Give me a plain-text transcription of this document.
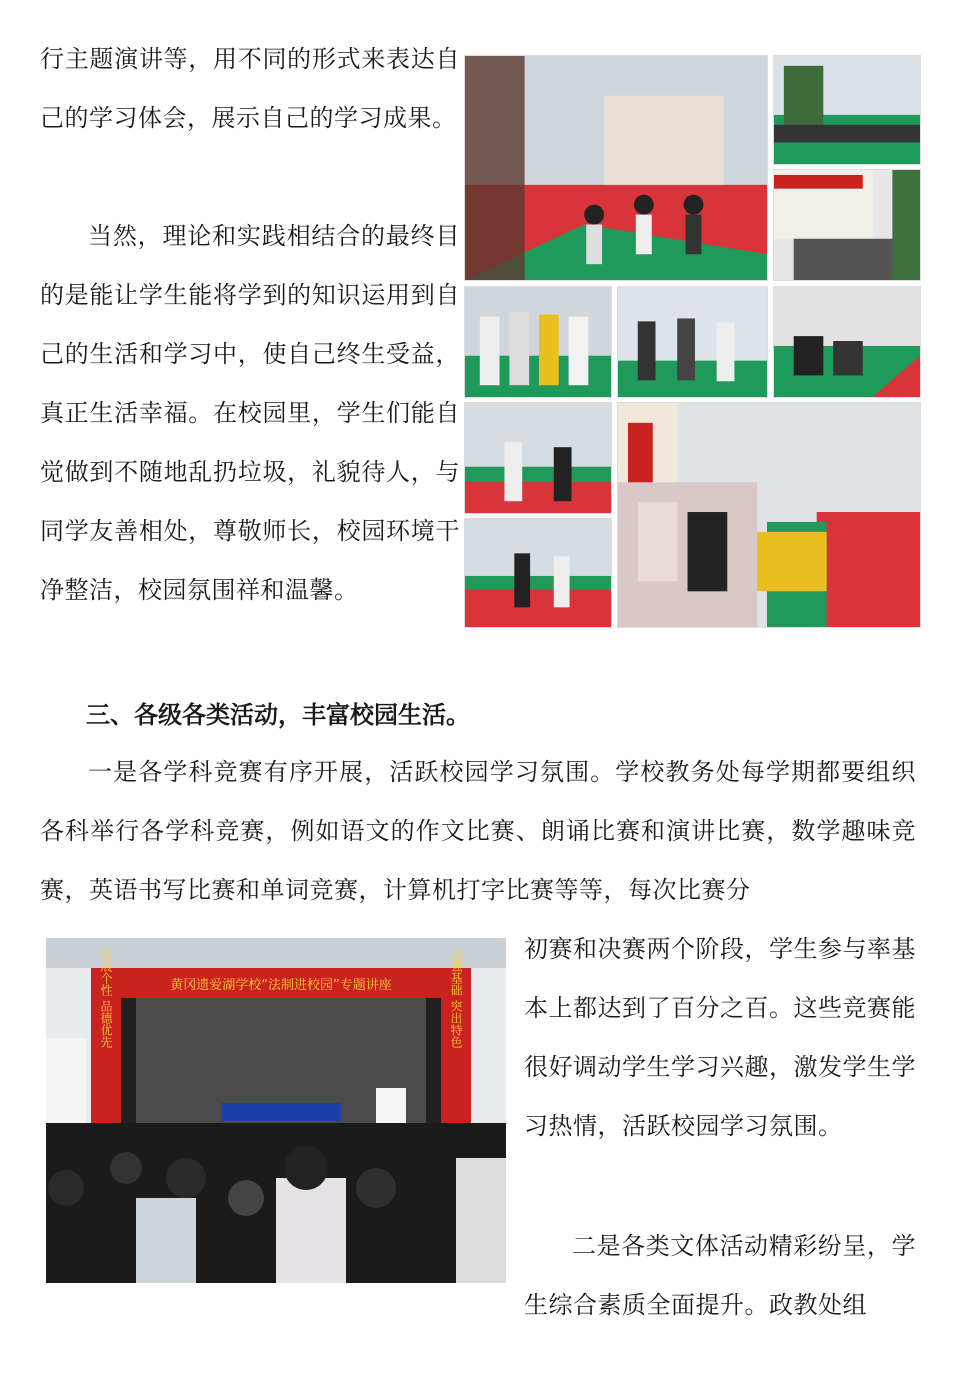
行主题演讲等，用不同的形式来表达自己的学习体会，展示自己的学习成果。

当然，理论和实践相结合的最终目的是能让学生能将学到的知识运用到自己的生活和学习中，使自己终生受益，真正生活幸福。在校园里，学生们能自觉做到不随地乱扔垃圾，礼貌待人，与同学友善相处，尊敬师长，校园环境干净整洁，校园氛围祥和温馨。

三、各级各类活动，丰富校园生活。

一是各学科竞赛有序开展，活跃校园学习氛围。学校教务处每学期都要组织各科举行各学科竞赛，例如语文的作文比赛、朗诵比赛和演讲比赛，数学趣味竞赛，英语书写比赛和单词竞赛，计算机打字比赛等等，每次比赛分

黄冈遗爱湖学校“法制进校园”专题讲座
发展个性 品德优先	加强基础 突出特色	初赛和决赛两个阶段，学生参与率基本上都达到了百分之百。这些竞赛能很好调动学生学习兴趣，激发学生学习热情，活跃校园学习氛围。

二是各类文体活动精彩纷呈，学生综合素质全面提升。政教处组
